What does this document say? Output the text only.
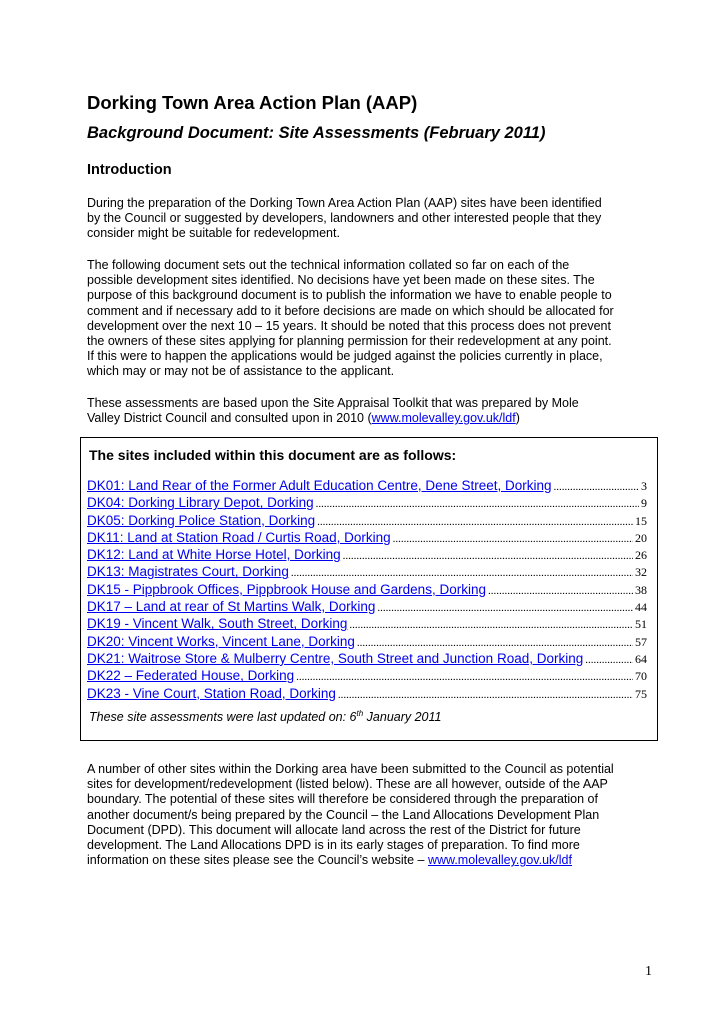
Dorking Town Area Action Plan (AAP)
Background Document: Site Assessments (February 2011)
Introduction

During the preparation of the Dorking Town Area Action Plan (AAP) sites have been identified
by the Council or suggested by developers, landowners and other interested people that they
consider might be suitable for redevelopment.

The following document sets out the technical information collated so far on each of the
possible development sites identified. No decisions have yet been made on these sites. The
purpose of this background document is to publish the information we have to enable people to
comment and if necessary add to it before decisions are made on which should be allocated for
development over the next 10 – 15 years. It should be noted that this process does not prevent
the owners of these sites applying for planning permission for their redevelopment at any point.
If this were to happen the applications would be judged against the policies currently in place,
which may or may not be of assistance to the applicant.

These assessments are based upon the Site Appraisal Toolkit that was prepared by Mole
Valley District Council and consulted upon in 2010 (www.molevalley.gov.uk/ldf)

The sites included within this document are as follows:
DK01: Land Rear of the Former Adult Education Centre, Dene Street, Dorking .....	3
DK04: Dorking Library Depot, Dorking .....	9
DK05: Dorking Police Station, Dorking .....	15
DK11: Land at Station Road / Curtis Road, Dorking .....	20
DK12: Land at White Horse Hotel, Dorking .....	26
DK13: Magistrates Court, Dorking .....	32
DK15 - Pippbrook Offices, Pippbrook House and Gardens, Dorking .....	38
DK17 – Land at rear of St Martins Walk, Dorking .....	44
DK19 - Vincent Walk, South Street, Dorking .....	51
DK20: Vincent Works, Vincent Lane, Dorking .....	57
DK21: Waitrose Store & Mulberry Centre, South Street and Junction Road, Dorking .....	64
DK22 – Federated House, Dorking .....	70
DK23 - Vine Court, Station Road, Dorking .....	75

These site assessments were last updated on: 6th January 2011

A number of other sites within the Dorking area have been submitted to the Council as potential
sites for development/redevelopment (listed below). These are all however, outside of the AAP
boundary. The potential of these sites will therefore be considered through the preparation of
another document/s being prepared by the Council – the Land Allocations Development Plan
Document (DPD). This document will allocate land across the rest of the District for future
development. The Land Allocations DPD is in its early stages of preparation. To find more
information on these sites please see the Council’s website – www.molevalley.gov.uk/ldf

1
